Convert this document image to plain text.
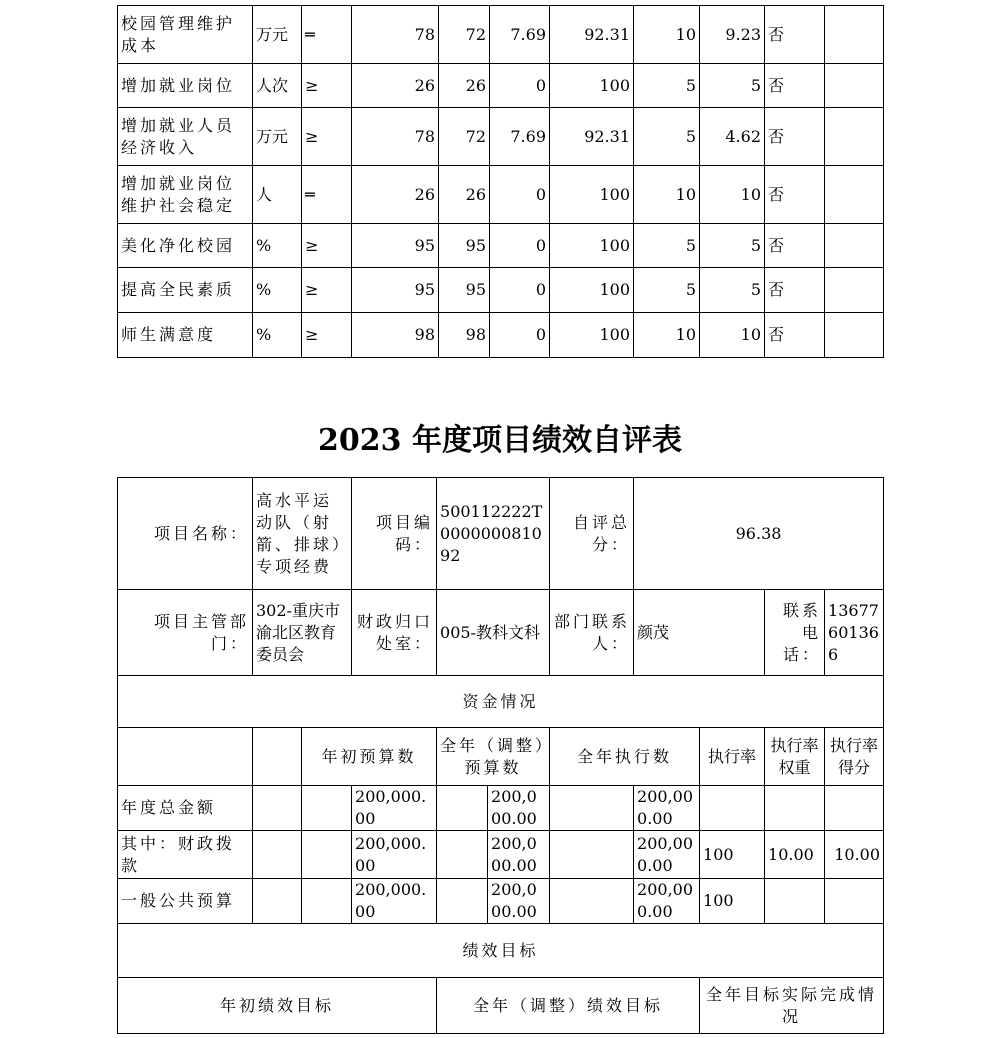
校园管理维护成本	万元	═	78	72	7.69	92.31	10	9.23	否	
增加就业岗位	人次	≥	26	26	0	100	5	5	否	
增加就业人员经济收入	万元	≥	78	72	7.69	92.31	5	4.62	否	
增加就业岗位维护社会稳定	人	═	26	26	0	100	10	10	否	
美化净化校园	%	≥	95	95	0	100	5	5	否	
提高全民素质	%	≥	95	95	0	100	5	5	否	
师生满意度	%	≥	98	98	0	100	10	10	否	
2023 年度项目绩效自评表
项目名称：	高水平运动队（射箭、排球）专项经费		项目编码：	500112222T000000081092		自评总分：	96.38			
项目主管部门：	302-重庆市渝北区教育委员会		财政归口处室：	005-教科文科		部门联系人：	颜茂		联系电话：	13677601366
资金情况										
		年初预算数		全年（调整）预算数		全年执行数		执行率	执行率权重	执行率得分
年度总金额			200,000.00		200,000.00		200,000.00			
其中：财政拨款			200,000.00		200,000.00		200,000.00	100	10.00	10.00
一般公共预算			200,000.00		200,000.00		200,000.00	100		
绩效目标										
年初绩效目标				全年（调整）绩效目标				全年目标实际完成情况		
